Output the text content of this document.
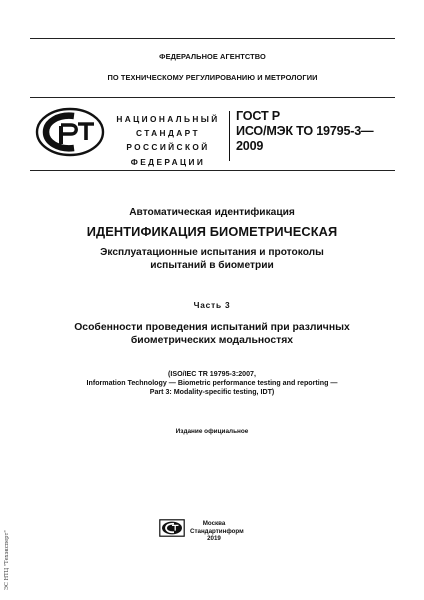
ФЕДЕРАЛЬНОЕ АГЕНТСТВО
ПО ТЕХНИЧЕСКОМУ РЕГУЛИРОВАНИЮ И МЕТРОЛОГИИ
НАЦИОНАЛЬНЫЙ
СТАНДАРТ
РОССИЙСКОЙ
ФЕДЕРАЦИИ
ГОСТ Р
ИСО/МЭК ТО 19795-3—
2009
Автоматическая идентификация
ИДЕНТИФИКАЦИЯ БИОМЕТРИЧЕСКАЯ
Эксплуатационные испытания и протоколы
испытаний в биометрии
Часть 3
Особенности проведения испытаний при различных
биометрических модальностях
(ISO/IEC TR 19795-3:2007,
Information Technology — Biometric performance testing and reporting —
Part 3: Modality-specific testing, IDT)
Издание официальное
Москва
Стандартинформ
2019
ЭС НТЦ "Техэксперт"
